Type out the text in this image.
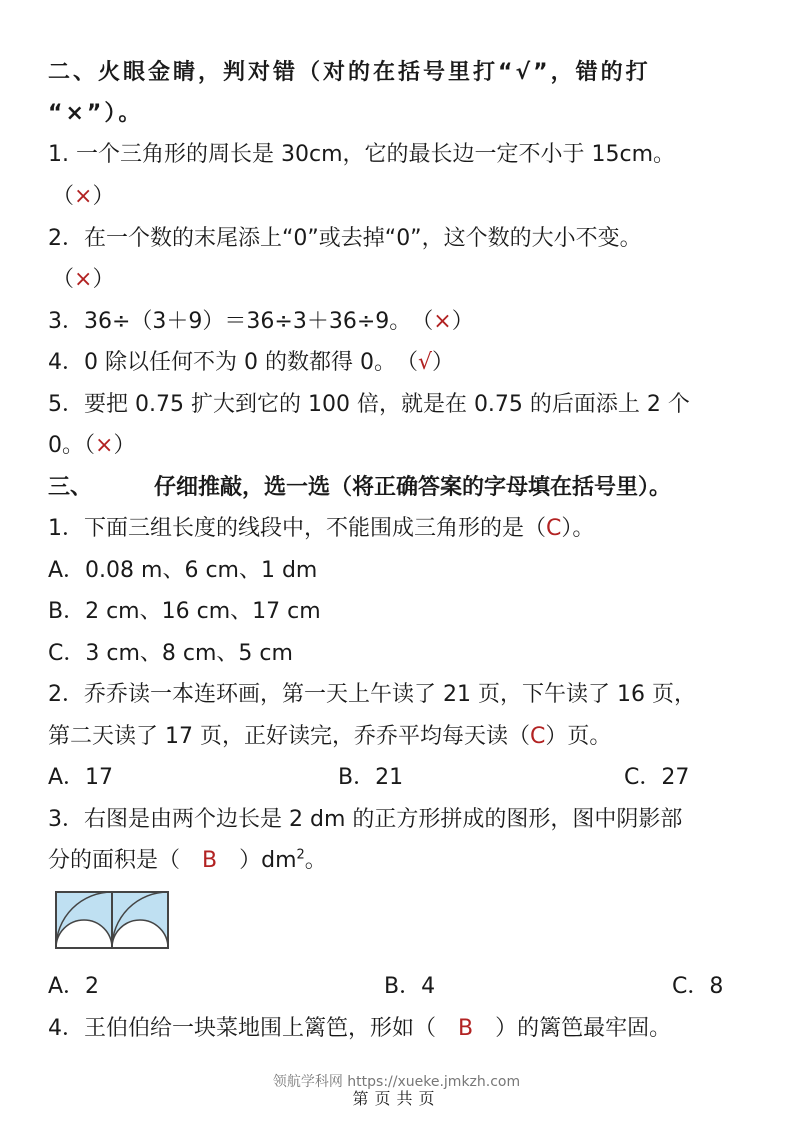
二、火眼金睛，判对错（对的在括号里打“√”，错的打
“×”）。
1. 一个三角形的周长是 30cm，它的最长边一定不小于 15cm。
（×）
2．在一个数的末尾添上“0”或去掉“0”，这个数的大小不变。
（×）
3．36÷（3＋9）＝36÷3＋36÷9。　（×）
4．0 除以任何不为 0 的数都得 0。　（√）
5．要把 0.75 扩大到它的 100 倍，就是在 0.75 的后面添上 2 个
0。（×）
三、	仔细推敲，选一选（将正确答案的字母填在括号里）。
1．下面三组长度的线段中，不能围成三角形的是（C）。
A．0.08 m、6 cm、1 dm
B．2 cm、16 cm、17 cm
C．3 cm、8 cm、5 cm
2．乔乔读一本连环画，第一天上午读了 21 页，下午读了 16 页，
第二天读了 17 页，正好读完，乔乔平均每天读（C）页。
A．17	B．21	C．27
3．右图是由两个边长是 2 dm 的正方形拼成的图形，图中阴影部
分的面积是（　B　）$dm^2$。
A．2	B．4	C．8
4．王伯伯给一块菜地围上篱笆，形如（　B　）的篱笆最牢固。
领航学科网 https://xueke.jmkzh.com
第页共页
